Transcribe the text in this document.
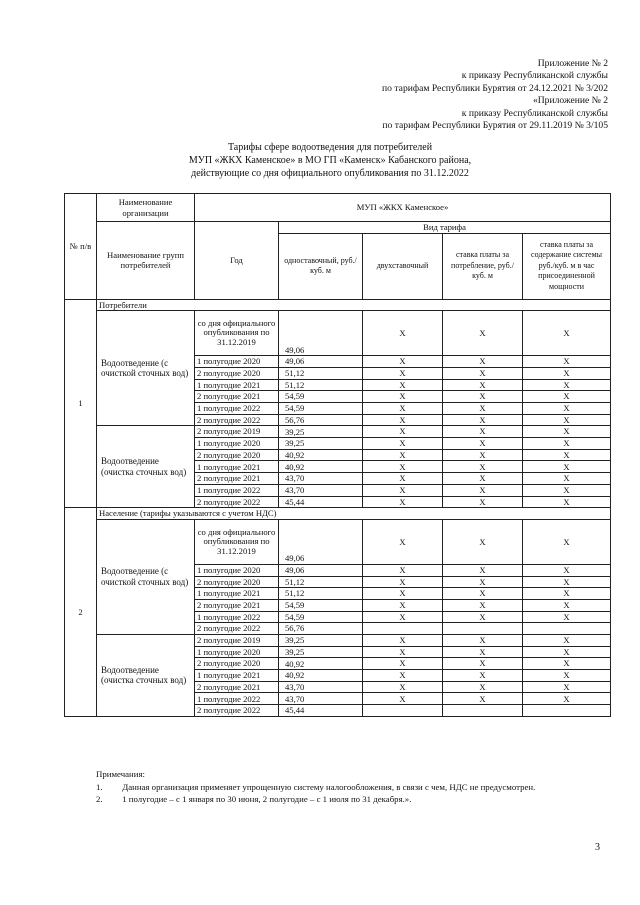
Приложение № 2
к приказу Республиканской службы
по тарифам Республики Бурятия от 24.12.2021 № 3/202
«Приложение № 2
к приказу Республиканской службы
по тарифам Республики Бурятия от 29.11.2019 № 3/105
Тарифы сфере водоотведения для потребителей
МУП «ЖКХ Каменское» в МО ГП «Каменск» Кабанского района,
действующие со дня официального опубликования по 31.12.2022
№ п/в	Наименование организации	МУП «ЖКХ Каменское»				
	Наименование групп потребителей	Год	Вид тарифа			
			одноставочный, руб./ куб. м	двухставочный	ставка платы за потребление, руб./ куб. м	ставка платы за содержание системы руб./куб. м в час присоединенной мощности
1	Потребители					
	Водоотведение (с очисткой сточных вод)	со дня официального опубликования по 31.12.2019	49,06	X	X	X
		1 полугодие 2020	49,06	X	X	X
		2 полугодие 2020	51,12	X	X	X
		1 полугодие 2021	51,12	X	X	X
		2 полугодие 2021	54,59	X	X	X
		1 полугодие 2022	54,59	X	X	X
		2 полугодие 2022	56,76	X	X	X
	Водоотведение (очистка сточных вод)	2 полугодие 2019	39,25	X	X	X
		1 полугодие 2020	39,25	X	X	X
		2 полугодие 2020	40,92	X	X	X
		1 полугодие 2021	40,92	X	X	X
		2 полугодие 2021	43,70	X	X	X
		1 полугодие 2022	43,70	X	X	X
		2 полугодие 2022	45,44	X	X	X
2	Население (тарифы указываются с учетом НДС)					
	Водоотведение (с очисткой сточных вод)	со дня официального опубликования по 31.12.2019	49,06	X	X	X
		1 полугодие 2020	49,06	X	X	X
		2 полугодие 2020	51,12	X	X	X
		1 полугодие 2021	51,12	X	X	X
		2 полугодие 2021	54,59	X	X	X
		1 полугодие 2022	54,59	X	X	X
		2 полугодие 2022	56,76			
	Водоотведение (очистка сточных вод)	2 полугодие 2019	39,25	X	X	X
		1 полугодие 2020	39,25	X	X	X
		2 полугодие 2020	40,92	X	X	X
		1 полугодие 2021	40,92	X	X	X
		2 полугодие 2021	43,70	X	X	X
		1 полугодие 2022	43,70	X	X	X
		2 полугодие 2022	45,44			
Примечания:
1. Данная организация применяет упрощенную систему налогообложения, в связи с чем, НДС не предусмотрен.
2. 1 полугодие – с 1 января по 30 июня, 2 полугодие – с 1 июля по 31 декабря.».
3
